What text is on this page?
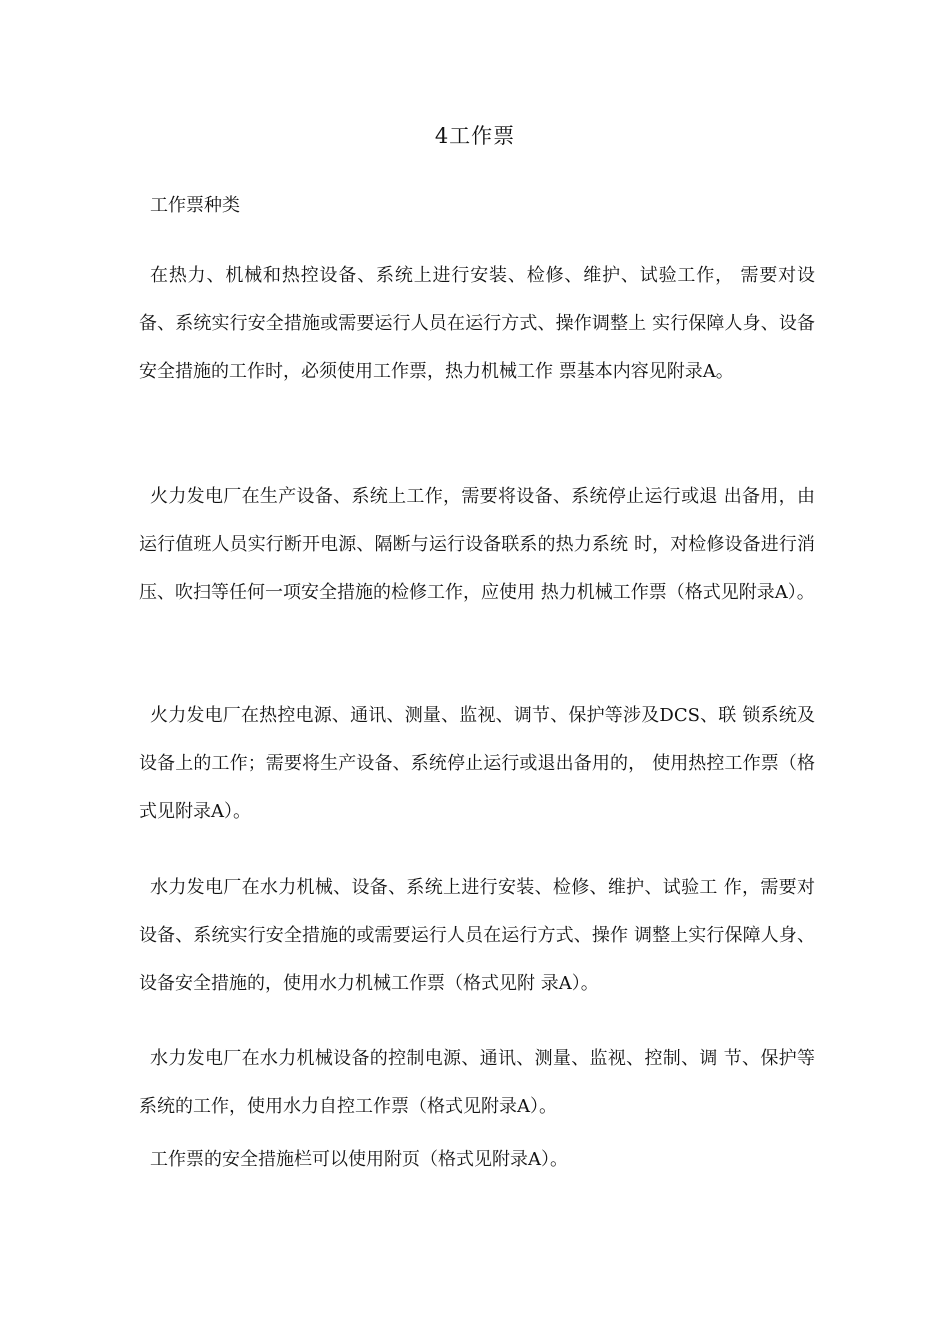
4工作票
工作票种类
在热力、机械和热控设备、系统上进行安装、检修、维护、试验工作， 需要对设备、系统实行安全措施或需要运行人员在运行方式、操作调整上 实行保障人身、设备安全措施的工作时，必须使用工作票，热力机械工作 票基本内容见附录A。
火力发电厂在生产设备、系统上工作，需要将设备、系统停止运行或退 出备用，由运行值班人员实行断开电源、隔断与运行设备联系的热力系统 时，对检修设备进行消压、吹扫等任何一项安全措施的检修工作，应使用 热力机械工作票（格式见附录A）。
火力发电厂在热控电源、通讯、测量、监视、调节、保护等涉及DCS、联 锁系统及设备上的工作；需要将生产设备、系统停止运行或退出备用的， 使用热控工作票（格式见附录A）。
水力发电厂在水力机械、设备、系统上进行安装、检修、维护、试验工 作，需要对设备、系统实行安全措施的或需要运行人员在运行方式、操作 调整上实行保障人身、设备安全措施的，使用水力机械工作票（格式见附 录A）。
水力发电厂在水力机械设备的控制电源、通讯、测量、监视、控制、调 节、保护等系统的工作，使用水力自控工作票（格式见附录A）。
工作票的安全措施栏可以使用附页（格式见附录A）。
